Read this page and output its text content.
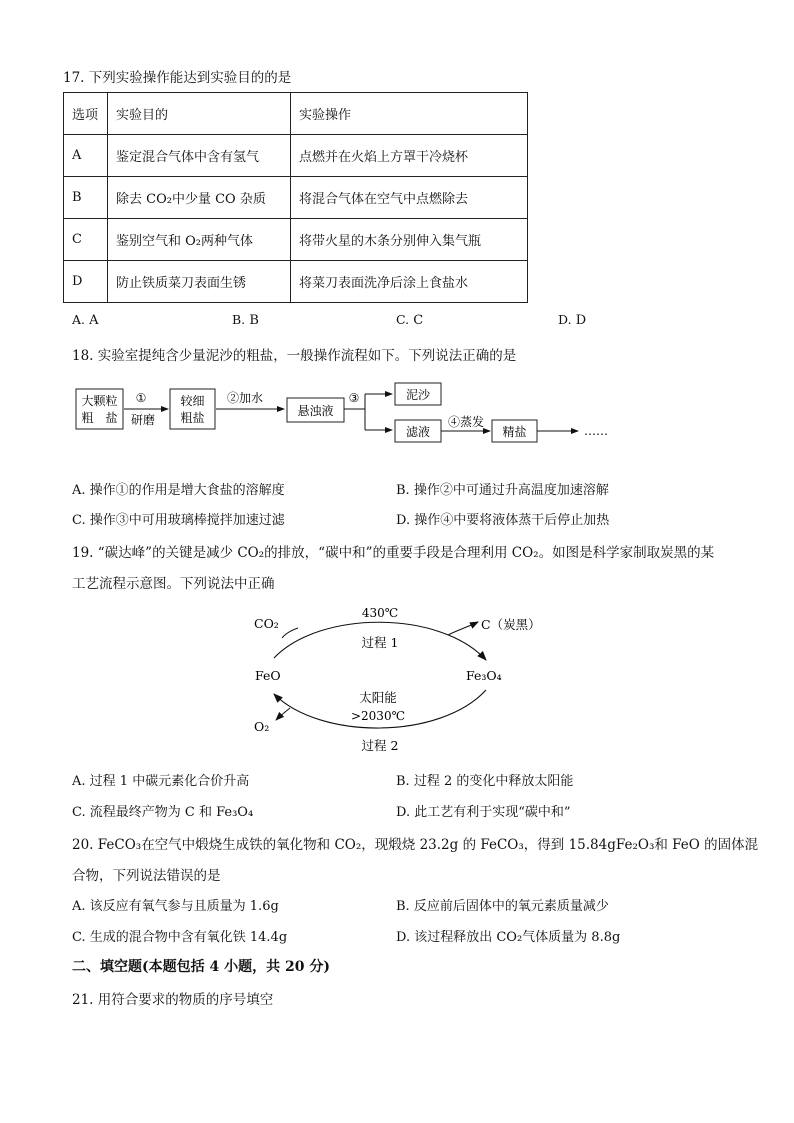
17. 下列实验操作能达到实验目的的是
选项	实验目的	实验操作
A	鉴定混合气体中含有氢气	点燃并在火焰上方罩干冷烧杯
B	除去 CO₂中少量 CO 杂质	将混合气体在空气中点燃除去
C	鉴别空气和 O₂两种气体	将带火星的木条分别伸入集气瓶
D	防止铁质菜刀表面生锈	将菜刀表面洗净后涂上食盐水
A. A	B. B	C. C	D. D
18. 实验室提纯含少量泥沙的粗盐，一般操作流程如下。下列说法正确的是
大颗粒
粗　盐
①
研磨
较细
粗盐
②加水
悬浊液
③	泥沙
滤液
④蒸发
精盐	……
A. 操作①的作用是增大食盐的溶解度	B. 操作②中可通过升高温度加速溶解
C. 操作③中可用玻璃棒搅拌加速过滤	D. 操作④中要将液体蒸干后停止加热
19. “碳达峰”的关键是减少 CO₂的排放，“碳中和”的重要手段是合理利用 CO₂。如图是科学家制取炭黑的某
工艺流程示意图。下列说法中正确
CO₂
430℃
过程 1
C（炭黑）
FeO	Fe₃O₄
太阳能
>2030℃
O₂
过程 2
A. 过程 1 中碳元素化合价升高	B. 过程 2 的变化中释放太阳能
C. 流程最终产物为 C 和 Fe₃O₄	D. 此工艺有利于实现“碳中和”
20. FeCO₃在空气中煅烧生成铁的氧化物和 CO₂，现煅烧 23.2g 的 FeCO₃，得到 15.84gFe₂O₃和 FeO 的固体混
合物，下列说法错误的是
A. 该反应有氧气参与且质量为 1.6g	B. 反应前后固体中的氧元素质量减少
C. 生成的混合物中含有氧化铁 14.4g	D. 该过程释放出 CO₂气体质量为 8.8g
二、填空题(本题包括 4 小题，共 20 分)
21. 用符合要求的物质的序号填空
